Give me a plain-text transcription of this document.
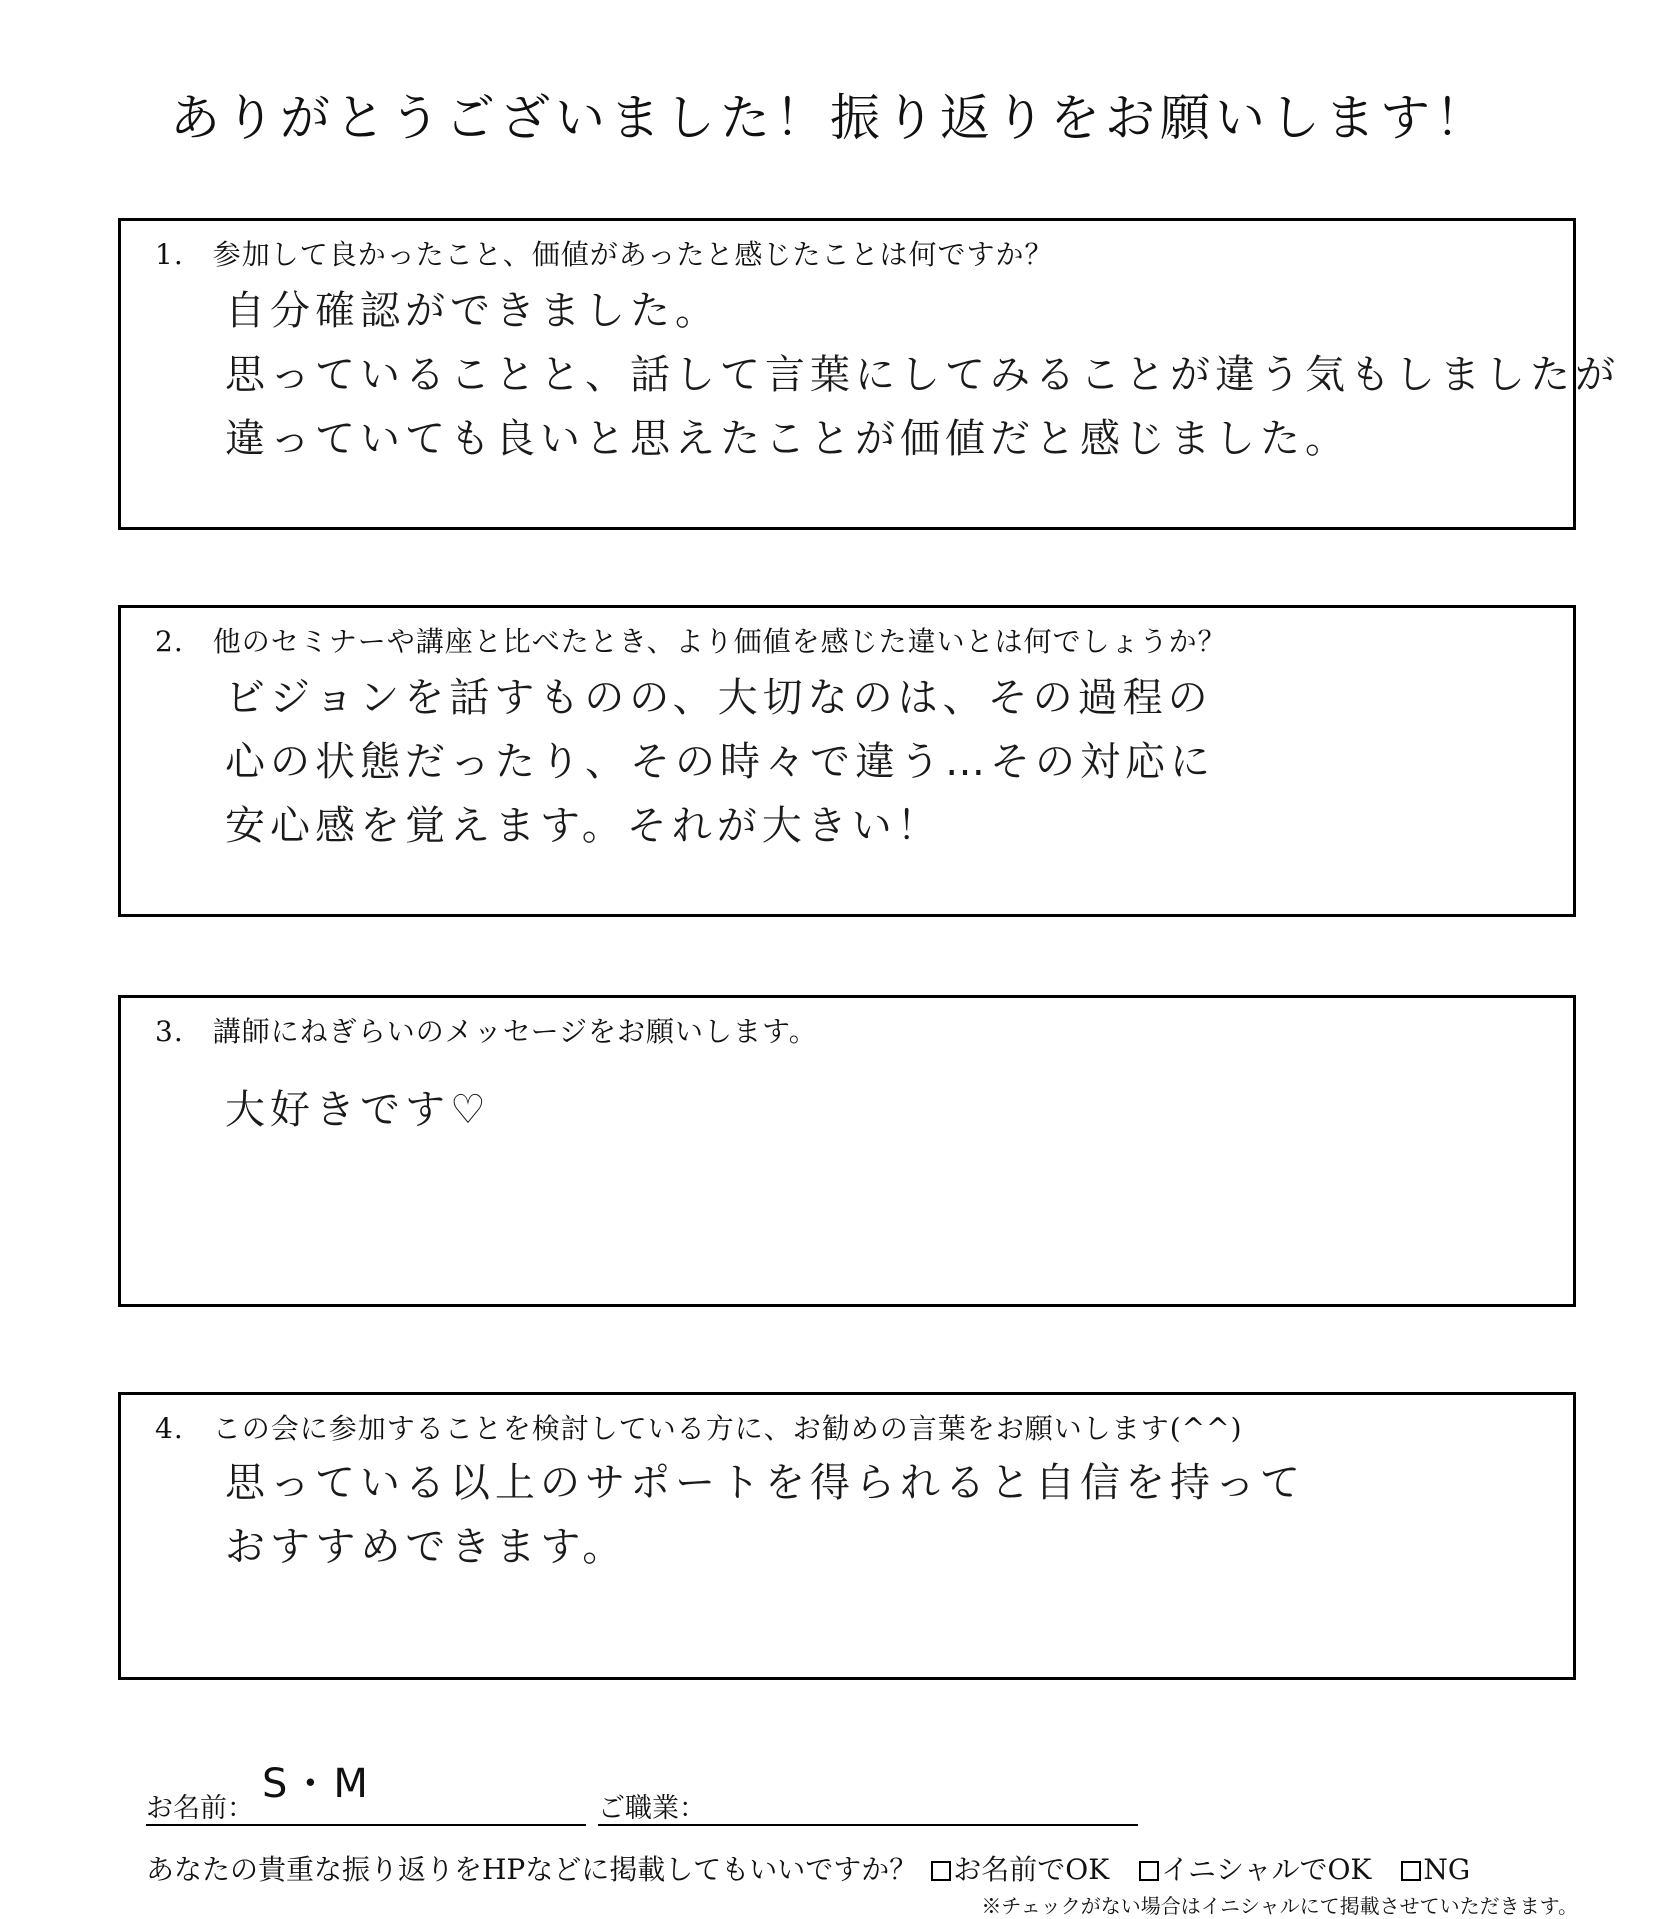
ありがとうございました！振り返りをお願いします！
1.　参加して良かったこと、価値があったと感じたことは何ですか？
自分確認ができました。
思っていることと、話して言葉にしてみることが違う気もしましたが
違っていても良いと思えたことが価値だと感じました。
2.　他のセミナーや講座と比べたとき、より価値を感じた違いとは何でしょうか？
ビジョンを話すものの、大切なのは、その過程の
心の状態だったり、その時々で違う…その対応に
安心感を覚えます。それが大きい！
3.　講師にねぎらいのメッセージをお願いします。
大好きです♡
4.　この会に参加することを検討している方に、お勧めの言葉をお願いします(^^)
思っている以上のサポートを得られると自信を持って
おすすめできます。
お名前：
S・M
ご職業：
あなたの貴重な振り返りをHPなどに掲載してもいいですか？ お名前でOK イニシャルでOK NG
※チェックがない場合はイニシャルにて掲載させていただきます。
